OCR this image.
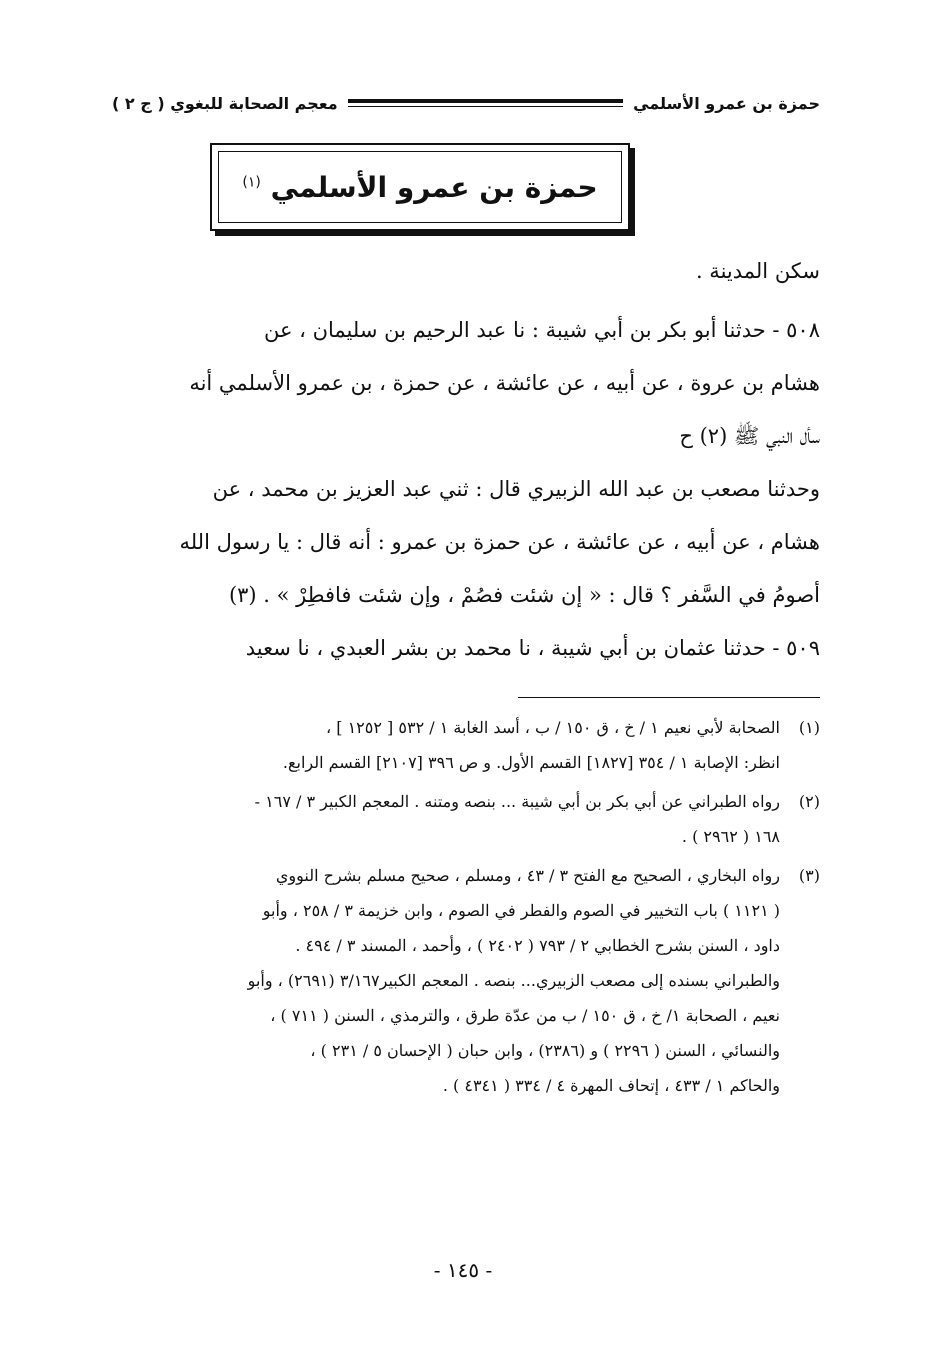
حمزة بن عمرو الأسلمي
معجم الصحابة للبغوي ( ج ٢ )
حمزة بن عمرو الأسلمي $^{(١)}$

سكن المدينة .

٥٠٨ - حدثنا أبو بكر بن أبي شيبة : نا عبد الرحيم بن سليمان ، عن
هشام بن عروة ، عن أبيه ، عن عائشة ، عن حمزة ، بن عمرو الأسلمي أنه
سأل النبي ﷺ (٢) ح

وحدثنا مصعب بن عبد الله الزبيري قال : ثني عبد العزيز بن محمد ، عن
هشام ، عن أبيه ، عن عائشة ، عن حمزة بن عمرو : أنه قال : يا رسول الله
أصومُ في السَّفر ؟ قال : « إن شئت فصُمْ ، وإن شئت فافطِرْ » . (٣)

٥٠٩ - حدثنا عثمان بن أبي شيبة ، نا محمد بن بشر العبدي ، نا سعيد

(١)
الصحابة لأبي نعيم ١ / خ ، ق ١٥٠ / ب ، أسد الغابة ١ / ٥٣٢ [ ١٢٥٢ ] ،
انظر: الإصابة ١ / ٣٥٤ [١٨٢٧] القسم الأول. و ص ٣٩٦ [٢١٠٧] القسم الرابع.
(٢)
رواه الطبراني عن أبي بكر بن أبي شيبة ... بنصه ومتنه . المعجم الكبير ٣ / ١٦٧ -
١٦٨ ( ٢٩٦٢ ) .
(٣)
رواه البخاري ، الصحيح مع الفتح ٣ / ٤٣ ، ومسلم ، صحيح مسلم بشرح النووي
( ١١٢١ ) باب التخيير في الصوم والفطر في الصوم ، وابن خزيمة ٣ / ٢٥٨ ، وأبو
داود ، السنن بشرح الخطابي ٢ / ٧٩٣ ( ٢٤٠٢ ) ، وأحمد ، المسند ٣ / ٤٩٤ .
والطبراني بسنده إلى مصعب الزبيري... بنصه . المعجم الكبير٣/١٦٧ (٢٦٩١) ، وأبو
نعيم ، الصحابة ١/ خ ، ق ١٥٠ / ب من عدّة طرق ، والترمذي ، السنن ( ٧١١ ) ،
والنسائي ، السنن ( ٢٢٩٦ ) و (٢٣٨٦) ، وابن حبان ( الإحسان ٥ / ٢٣١ ) ،
والحاكم ١ / ٤٣٣ ، إتحاف المهرة ٤ / ٣٣٤ ( ٤٣٤١ ) .
- ١٤٥ -
